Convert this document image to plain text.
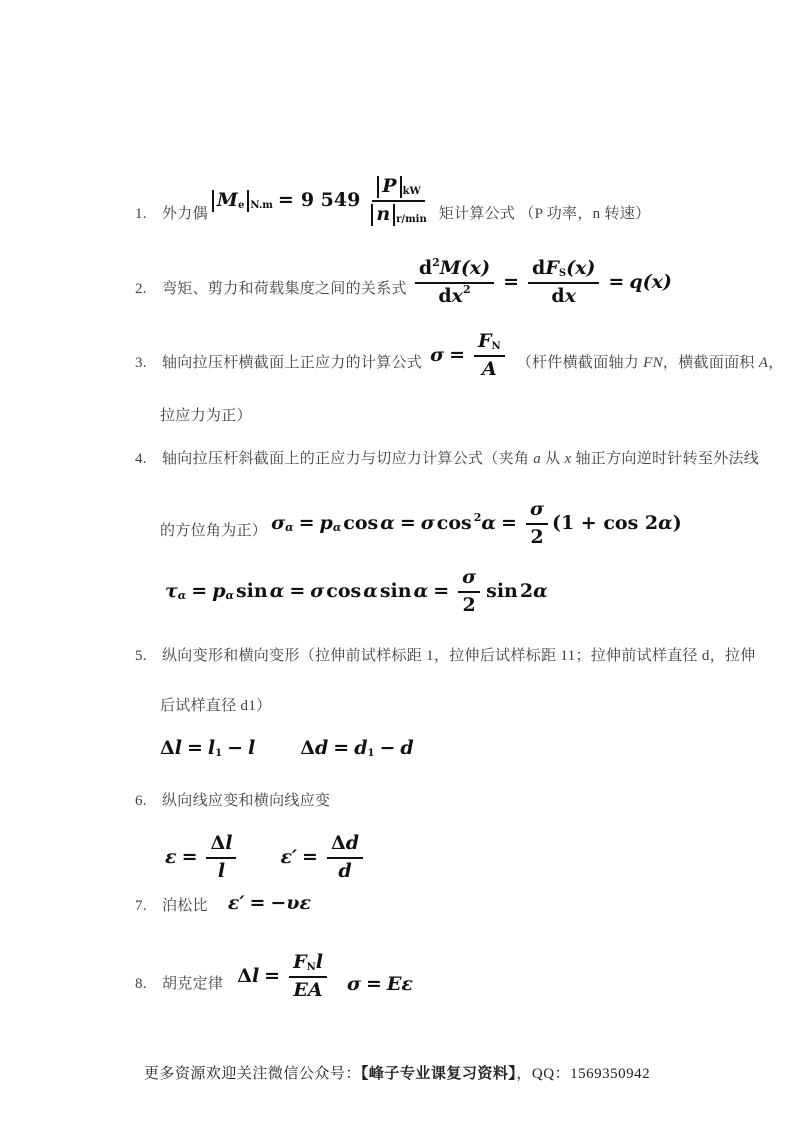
1.	外力偶
M e N.m = 9 $549 \frac{\text{P kW}}{\text{n r/min}}$ 矩计算公式 （P 功率，n 转速）
2.	弯矩、剪力和荷载集度之间的关系式 $\frac{d 2 M (x)}{\text{d x 2}} = \frac{\text{d F S (x)}}{\text{d x}} = q$ (x)
3.	轴向拉压杆横截面上正应力的计算公式 $\sigma = \frac{\text{F N}}{A}$ （杆件横截面轴力 FN，横截面面积 A，
拉应力为正）
4.	轴向拉压杆斜截面上的正应力与切应力计算公式（夹角 a 从 x 轴正方向逆时针转至外法线
的方位角为正） σ α = p α cos α = σ cos 2 $\alpha = \frac{\sigma}{2} (1 + \cos 2$ α )
τ α = p α sin α = σ cos α $\sin \alpha = \frac{\sigma}{2}$ sin 2 α
5.	纵向变形和横向变形（拉伸前试样标距 1，拉伸后试样标距 11；拉伸前试样直径 d，拉伸
后试样直径 d1）
Δ l = l 1 − l Δ d = d 1 − d
6.	纵向线应变和横向线应变
$\varepsilon = \frac{\text{Δ l}}{l} \varepsilon' = \frac{\text{Δ d}}{d}$
7.	泊松比 ε′ = −υε
8.	胡克定律 Δ $l = \frac{\text{F N l}}{EA}$ σ = Eε
更多资源欢迎关注微信公众号：【峰子专业课复习资料】，QQ：1569350942
